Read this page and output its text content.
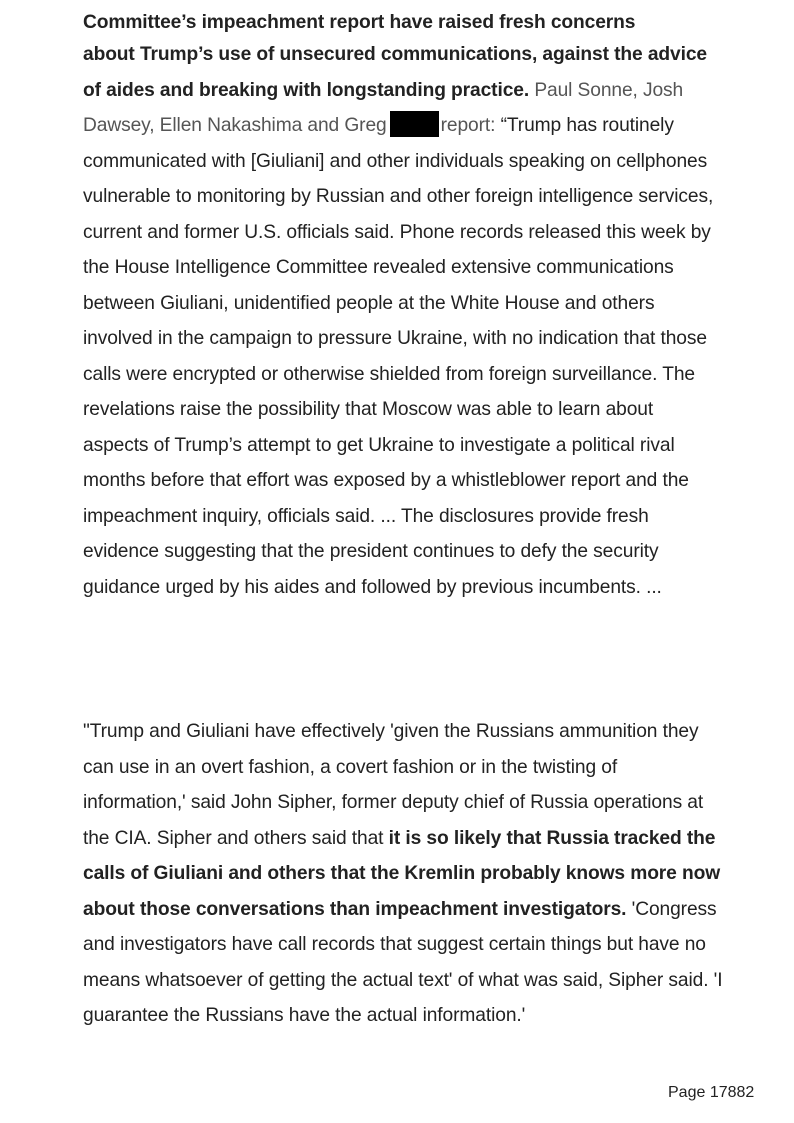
Committee’s impeachment report have raised fresh concerns
about Trump’s use of unsecured communications, against the advice of aides and breaking with longstanding practice. Paul Sonne, Josh Dawsey, Ellen Nakashima and Greg	report: “Trump has routinely communicated with [Giuliani] and other individuals speaking on cellphones vulnerable to monitoring by Russian and other foreign intelligence services, current and former U.S. officials said. Phone records released this week by the House Intelligence Committee revealed extensive communications between Giuliani, unidentified people at the White House and others involved in the campaign to pressure Ukraine, with no indication that those calls were encrypted or otherwise shielded from foreign surveillance. The revelations raise the possibility that Moscow was able to learn about aspects of Trump’s attempt to get Ukraine to investigate a political rival months before that effort was exposed by a whistleblower report and the impeachment inquiry, officials said. ... The disclosures provide fresh evidence suggesting that the president continues to defy the security guidance urged by his aides and followed by previous incumbents. ...
"Trump and Giuliani have effectively 'given the Russians ammunition they can use in an overt fashion, a covert fashion or in the twisting of information,' said John Sipher, former deputy chief of Russia operations at the CIA. Sipher and others said that it is so likely that Russia tracked the calls of Giuliani and others that the Kremlin probably knows more now about those conversations than impeachment investigators. 'Congress and investigators have call records that suggest certain things but have no means whatsoever of getting the actual text' of what was said, Sipher said. 'I guarantee the Russians have the actual information.'
Page 17882
